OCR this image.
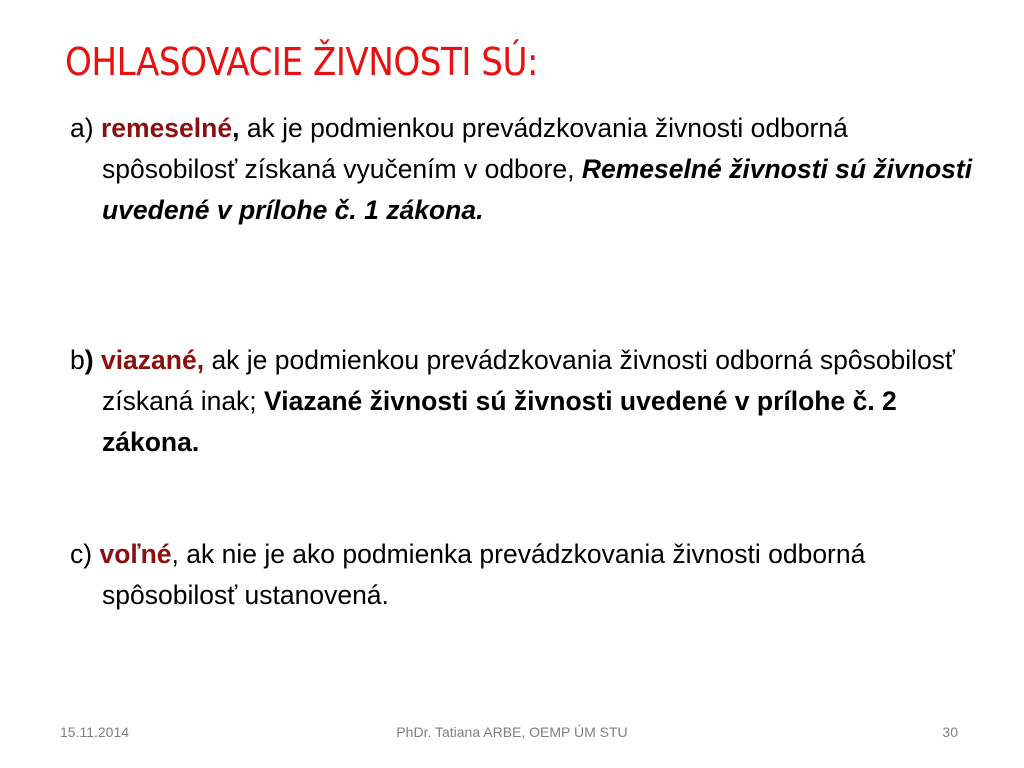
OHLASOVACIE ŽIVNOSTI SÚ:

a) remeselné, ak je podmienkou prevádzkovania živnosti odborná spôsobilosť získaná vyučením v odbore, Remeselné živnosti sú živnosti uvedené v prílohe č. 1 zákona.

b) viazané, ak je podmienkou prevádzkovania živnosti odborná spôsobilosť získaná inak; Viazané živnosti sú živnosti uvedené v prílohe č. 2 zákona.

c) voľné, ak nie je ako podmienka prevádzkovania živnosti odborná spôsobilosť ustanovená.

15.11.2014	PhDr. Tatiana ARBE, OEMP ÚM STU	30
